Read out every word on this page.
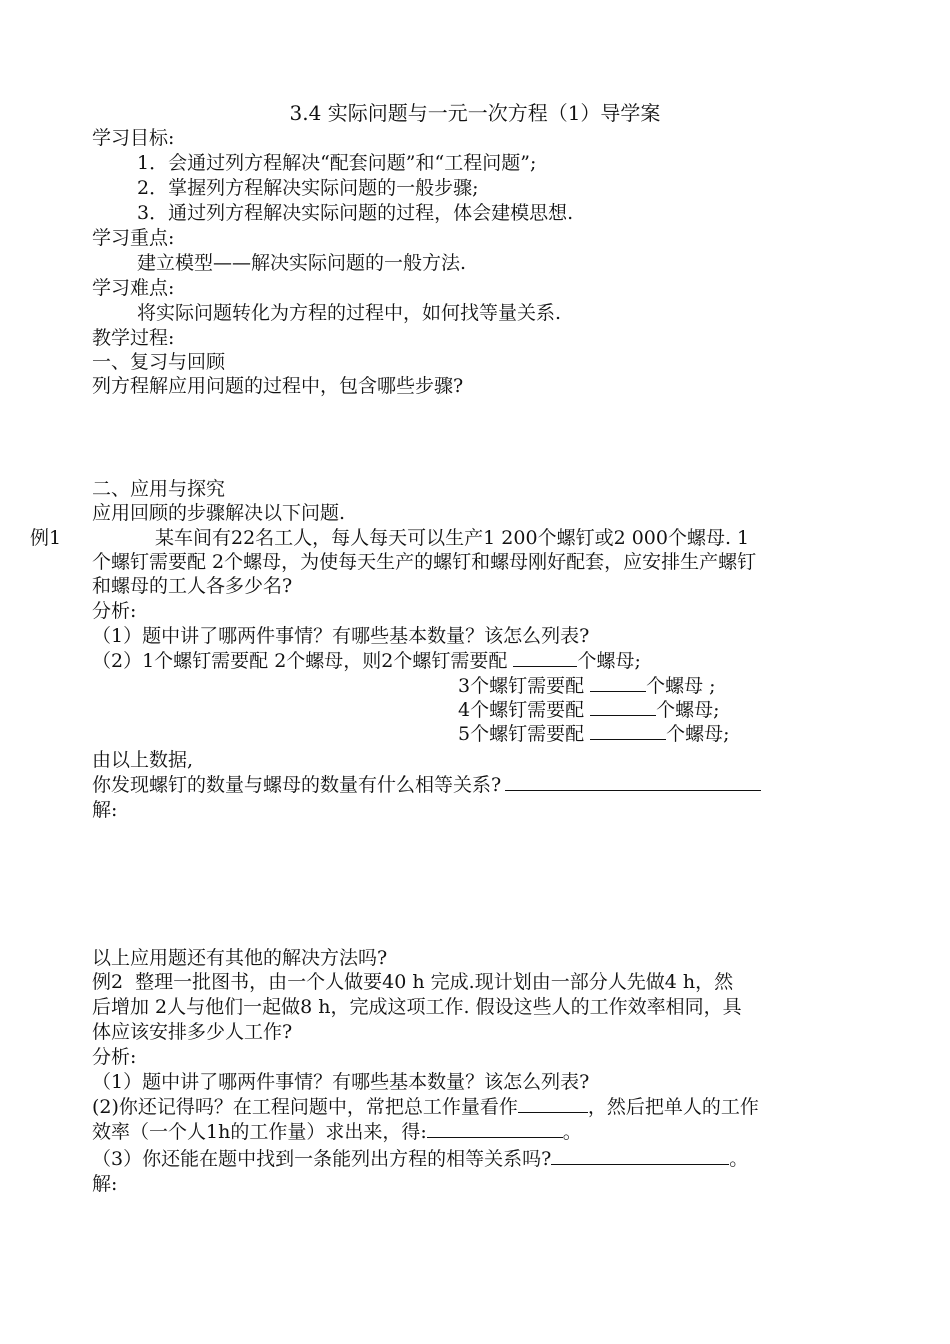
3.4 实际问题与一元一次方程（1）导学案
学习目标:
1．会通过列方程解决“配套问题”和“工程问题”;
2．掌握列方程解决实际问题的一般步骤;
3．通过列方程解决实际问题的过程，体会建模思想.
学习重点:
建立模型——解决实际问题的一般方法.
学习难点:
将实际问题转化为方程的过程中，如何找等量关系.
教学过程:
一、复习与回顾
列方程解应用问题的过程中，包含哪些步骤?
二、应用与探究
应用回顾的步骤解决以下问题.
例1	某车间有22名工人，每人每天可以生产1 200个螺钉或2 000个螺母. 1
个螺钉需要配 2个螺母，为使每天生产的螺钉和螺母刚好配套，应安排生产螺钉
和螺母的工人各多少名?
分析:
（1）题中讲了哪两件事情？有哪些基本数量？该怎么列表?
（2）1个螺钉需要配 2个螺母，则2个螺钉需要配	个螺母;
3个螺钉需要配	个螺母 ;
4个螺钉需要配	个螺母;
5个螺钉需要配	个螺母;
由以上数据,
你发现螺钉的数量与螺母的数量有什么相等关系?
解:
以上应用题还有其他的解决方法吗?
例2  整理一批图书，由一个人做要40 h 完成.现计划由一部分人先做4 h，然
后增加 2人与他们一起做8 h，完成这项工作. 假设这些人的工作效率相同，具
体应该安排多少人工作?
分析:
（1）题中讲了哪两件事情？有哪些基本数量？该怎么列表?
(2)你还记得吗？在工程问题中，常把总工作量看作	，然后把单人的工作
效率（一个人1h的工作量）求出来，得:	。
（3）你还能在题中找到一条能列出方程的相等关系吗?	。
解:
